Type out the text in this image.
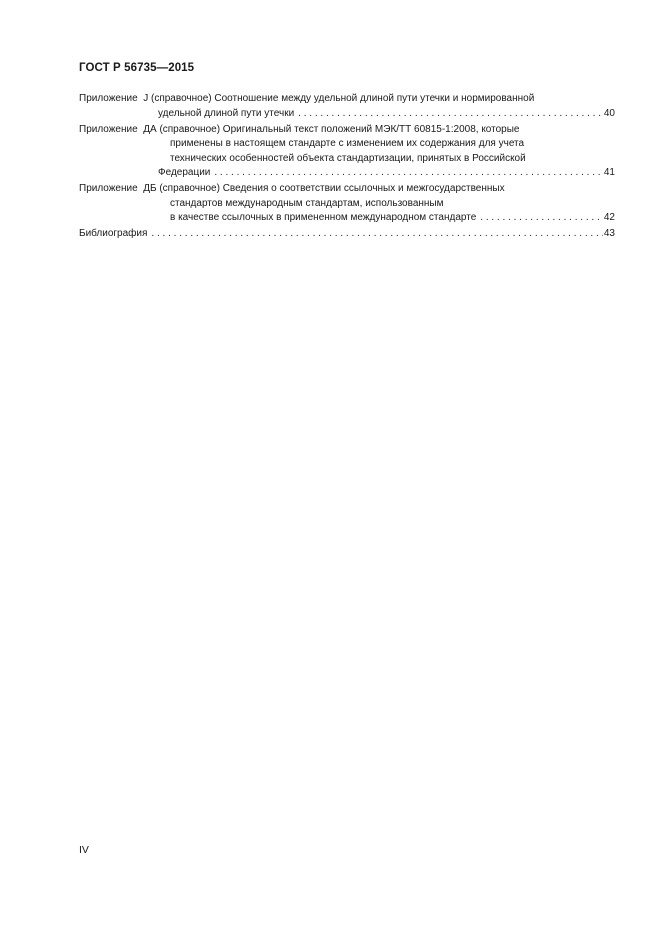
ГОСТ Р 56735—2015
Приложение  J (справочное) Соотношение между удельной длиной пути утечки и нормированной
удельной длиной пути утечки . . .	40
Приложение  ДА (справочное) Оригинальный текст положений МЭК/ТТ 60815-1:2008, которые
применены в настоящем стандарте с изменением их содержания для учета
технических особенностей объекта стандартизации, принятых в Российской
Федерации . . .	41
Приложение  ДБ (справочное) Сведения о соответствии ссылочных и межгосударственных
стандартов международным стандартам, использованным
в качестве ссылочных в примененном международном стандарте . . .	42
Библиография . . .	43
IV
